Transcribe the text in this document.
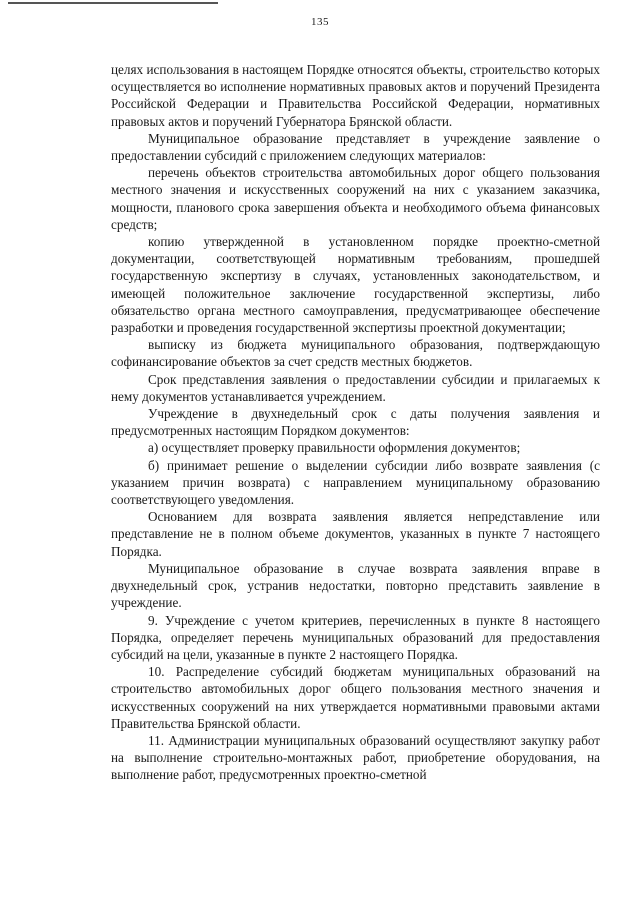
135

целях использования в настоящем Порядке относятся объекты, строительство которых осуществляется во исполнение нормативных правовых актов и поручений Президента Российской Федерации и Правительства Российской Федерации, нормативных правовых актов и поручений Губернатора Брянской области.

Муниципальное образование представляет в учреждение заявление о предоставлении субсидий с приложением следующих материалов:

перечень объектов строительства автомобильных дорог общего пользования местного значения и искусственных сооружений на них с указанием заказчика, мощности, планового срока завершения объекта и необходимого объема финансовых средств;

копию утвержденной в установленном порядке проектно-сметной документации, соответствующей нормативным требованиям, прошедшей государственную экспертизу в случаях, установленных законодательством, и имеющей положительное заключение государственной экспертизы, либо обязательство органа местного самоуправления, предусматривающее обеспечение разработки и проведения государственной экспертизы проектной документации;

выписку из бюджета муниципального образования, подтверждающую софинансирование объектов за счет средств местных бюджетов.

Срок представления заявления о предоставлении субсидии и прилагаемых к нему документов устанавливается учреждением.

Учреждение в двухнедельный срок с даты получения заявления и предусмотренных настоящим Порядком документов:

а) осуществляет проверку правильности оформления документов;

б) принимает решение о выделении субсидии либо возврате заявления (с указанием причин возврата) с направлением муниципальному образованию соответствующего уведомления.

Основанием для возврата заявления является непредставление или представление не в полном объеме документов, указанных в пункте 7 настоящего Порядка.

Муниципальное образование в случае возврата заявления вправе в двухнедельный срок, устранив недостатки, повторно представить заявление в учреждение.

9. Учреждение с учетом критериев, перечисленных в пункте 8 настоящего Порядка, определяет перечень муниципальных образований для предоставления субсидий на цели, указанные в пункте 2 настоящего Порядка.

10. Распределение субсидий бюджетам муниципальных образований на строительство автомобильных дорог общего пользования местного значения и искусственных сооружений на них утверждается нормативными правовыми актами Правительства Брянской области.

11. Администрации муниципальных образований осуществляют закупку работ на выполнение строительно-монтажных работ, приобретение оборудования, на выполнение работ, предусмотренных проектно-сметной
